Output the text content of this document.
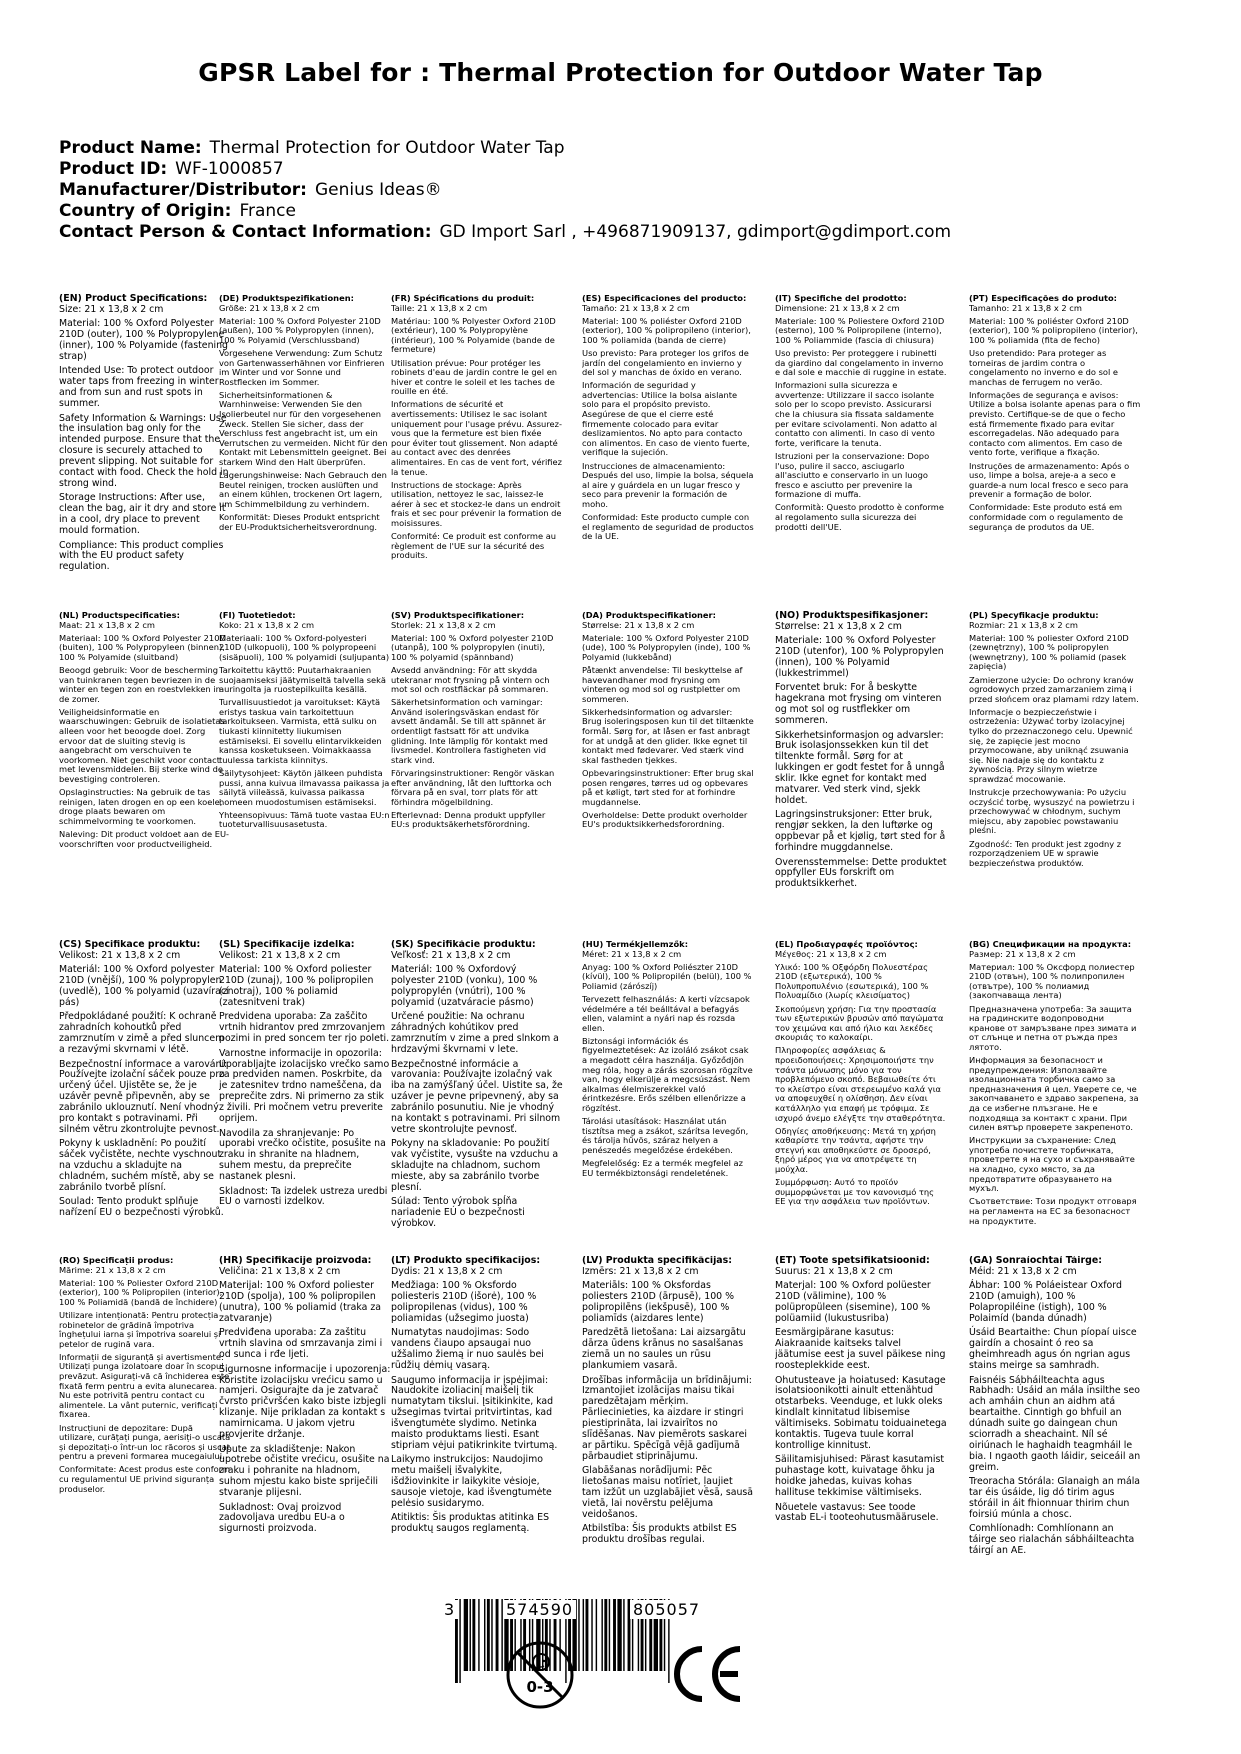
GPSR Label for : Thermal Protection for Outdoor Water Tap
Product Name: Thermal Protection for Outdoor Water Tap
Product ID: WF-1000857
Manufacturer/Distributor: Genius Ideas®
Country of Origin: France
Contact Person & Contact Information: GD Import Sarl , +496871909137, gdimport@gdimport.com
(EN) Product Specifications:

Size: 21 x 13,8 x 2 cm

Material: 100 % Oxford Polyester 210D (outer), 100 % Polypropylene (inner), 100 % Polyamide (fastening strap)

Intended Use: To protect outdoor water taps from freezing in winter and from sun and rust spots in summer.

Safety Information & Warnings: Use the insulation bag only for the intended purpose. Ensure that the closure is securely attached to prevent slipping. Not suitable for contact with food. Check the hold in strong wind.

Storage Instructions: After use, clean the bag, air it dry and store it in a cool, dry place to prevent mould formation.

Compliance: This product complies with the EU product safety regulation.

(DE) Produktspezifikationen:

Größe: 21 x 13,8 x 2 cm

Material: 100 % Oxford Polyester 210D (außen), 100 % Polypropylen (innen), 100 % Polyamid (Verschlussband)

Vorgesehene Verwendung: Zum Schutz von Gartenwasserhähnen vor Einfrieren im Winter und vor Sonne und Rostflecken im Sommer.

Sicherheitsinformationen & Warnhinweise: Verwenden Sie den Isolierbeutel nur für den vorgesehenen Zweck. Stellen Sie sicher, dass der Verschluss fest angebracht ist, um ein Verrutschen zu vermeiden. Nicht für den Kontakt mit Lebensmitteln geeignet. Bei starkem Wind den Halt überprüfen.

Lagerungshinweise: Nach Gebrauch den Beutel reinigen, trocken auslüften und an einem kühlen, trockenen Ort lagern, um Schimmelbildung zu verhindern.

Konformität: Dieses Produkt entspricht der EU-Produktsicherheitsverordnung.

(FR) Spécifications du produit:

Taille: 21 x 13,8 x 2 cm

Matériau: 100 % Polyester Oxford 210D (extérieur), 100 % Polypropylène (intérieur), 100 % Polyamide (bande de fermeture)

Utilisation prévue: Pour protéger les robinets d'eau de jardin contre le gel en hiver et contre le soleil et les taches de rouille en été.

Informations de sécurité et avertissements: Utilisez le sac isolant uniquement pour l'usage prévu. Assurez-vous que la fermeture est bien fixée pour éviter tout glissement. Non adapté au contact avec des denrées alimentaires. En cas de vent fort, vérifiez la tenue.

Instructions de stockage: Après utilisation, nettoyez le sac, laissez-le aérer à sec et stockez-le dans un endroit frais et sec pour prévenir la formation de moisissures.

Conformité: Ce produit est conforme au règlement de l'UE sur la sécurité des produits.

(ES) Especificaciones del producto:

Tamaño: 21 x 13,8 x 2 cm

Material: 100 % poliéster Oxford 210D (exterior), 100 % polipropileno (interior), 100 % poliamida (banda de cierre)

Uso previsto: Para proteger los grifos de jardín del congelamiento en invierno y del sol y manchas de óxido en verano.

Información de seguridad y advertencias: Utilice la bolsa aislante solo para el propósito previsto. Asegúrese de que el cierre esté firmemente colocado para evitar deslizamientos. No apto para contacto con alimentos. En caso de viento fuerte, verifique la sujeción.

Instrucciones de almacenamiento: Después del uso, limpie la bolsa, séquela al aire y guárdela en un lugar fresco y seco para prevenir la formación de moho.

Conformidad: Este producto cumple con el reglamento de seguridad de productos de la UE.

(IT) Specifiche del prodotto:

Dimensione: 21 x 13,8 x 2 cm

Materiale: 100 % Poliestere Oxford 210D (esterno), 100 % Polipropilene (interno), 100 % Poliammide (fascia di chiusura)

Uso previsto: Per proteggere i rubinetti da giardino dal congelamento in inverno e dal sole e macchie di ruggine in estate.

Informazioni sulla sicurezza e avvertenze: Utilizzare il sacco isolante solo per lo scopo previsto. Assicurarsi che la chiusura sia fissata saldamente per evitare scivolamenti. Non adatto al contatto con alimenti. In caso di vento forte, verificare la tenuta.

Istruzioni per la conservazione: Dopo l'uso, pulire il sacco, asciugarlo all'asciutto e conservarlo in un luogo fresco e asciutto per prevenire la formazione di muffa.

Conformità: Questo prodotto è conforme al regolamento sulla sicurezza dei prodotti dell'UE.

(PT) Especificações do produto:

Tamanho: 21 x 13,8 x 2 cm

Material: 100 % poliéster Oxford 210D (exterior), 100 % polipropileno (interior), 100 % poliamida (fita de fecho)

Uso pretendido: Para proteger as torneiras de jardim contra o congelamento no inverno e do sol e manchas de ferrugem no verão.

Informações de segurança e avisos: Utilize a bolsa isolante apenas para o fim previsto. Certifique-se de que o fecho está firmemente fixado para evitar escorregadelas. Não adequado para contacto com alimentos. Em caso de vento forte, verifique a fixação.

Instruções de armazenamento: Após o uso, limpe a bolsa, areje-a a seco e guarde-a num local fresco e seco para prevenir a formação de bolor.

Conformidade: Este produto está em conformidade com o regulamento de segurança de produtos da UE.

(NL) Productspecificaties:

Maat: 21 x 13,8 x 2 cm

Materiaal: 100 % Oxford Polyester 210D (buiten), 100 % Polypropyleen (binnen), 100 % Polyamide (sluitband)

Beoogd gebruik: Voor de bescherming van tuinkranen tegen bevriezen in de winter en tegen zon en roestvlekken in de zomer.

Veiligheidsinformatie en waarschuwingen: Gebruik de isolatietas alleen voor het beoogde doel. Zorg ervoor dat de sluiting stevig is aangebracht om verschuiven te voorkomen. Niet geschikt voor contact met levensmiddelen. Bij sterke wind de bevestiging controleren.

Opslaginstructies: Na gebruik de tas reinigen, laten drogen en op een koele, droge plaats bewaren om schimmelvorming te voorkomen.

Naleving: Dit product voldoet aan de EU-voorschriften voor productveiligheid.

(FI) Tuotetiedot:

Koko: 21 x 13,8 x 2 cm

Materiaali: 100 % Oxford-polyesteri 210D (ulkopuoli), 100 % polypropeeni (sisäpuoli), 100 % polyamidi (suljupanta)

Tarkoitettu käyttö: Puutarhakraanien suojaamiseksi jäätymiseltä talvella sekä auringolta ja ruostepilkuilta kesällä.

Turvallisuustiedot ja varoitukset: Käytä eristys taskua vain tarkoitettuun tarkoitukseen. Varmista, että sulku on tiukasti kiinnitetty liukumisen estämiseksi. Ei sovellu elintarvikkeiden kanssa kosketukseen. Voimakkaassa tuulessa tarkista kiinnitys.

Säilytysohjeet: Käytön jälkeen puhdista pussi, anna kuivua ilmavassa paikassa ja säilytä viileässä, kuivassa paikassa homeen muodostumisen estämiseksi.

Yhteensopivuus: Tämä tuote vastaa EU:n tuoteturvallisuusasetusta.

(SV) Produktspecifikationer:

Storlek: 21 x 13,8 x 2 cm

Material: 100 % Oxford polyester 210D (utanpå), 100 % polypropylen (inuti), 100 % polyamid (spännband)

Avsedd användning: För att skydda utekranar mot frysning på vintern och mot sol och rostfläckar på sommaren.

Säkerhetsinformation och varningar: Använd isoleringsväskan endast för avsett ändamål. Se till att spännet är ordentligt fastsatt för att undvika glidning. Inte lämplig för kontakt med livsmedel. Kontrollera fastigheten vid stark vind.

Förvaringsinstruktioner: Rengör väskan efter användning, låt den lufttorka och förvara på en sval, torr plats för att förhindra mögelbildning.

Efterlevnad: Denna produkt uppfyller EU:s produktsäkerhetsförordning.

(DA) Produktspecifikationer:

Størrelse: 21 x 13,8 x 2 cm

Materiale: 100 % Oxford Polyester 210D (ude), 100 % Polypropylen (inde), 100 % Polyamid (lukkebånd)

Påtænkt anvendelse: Til beskyttelse af havevandhaner mod frysning om vinteren og mod sol og rustpletter om sommeren.

Sikkerhedsinformation og advarsler: Brug isoleringsposen kun til det tiltænkte formål. Sørg for, at låsen er fast anbragt for at undgå at den glider. Ikke egnet til kontakt med fødevarer. Ved stærk vind skal fastheden tjekkes.

Opbevaringsinstruktioner: Efter brug skal posen rengøres, tørres ud og opbevares på et køligt, tørt sted for at forhindre mugdannelse.

Overholdelse: Dette produkt overholder EU's produktsikkerhedsforordning.

(NO) Produktspesifikasjoner:

Størrelse: 21 x 13,8 x 2 cm

Materiale: 100 % Oxford Polyester 210D (utenfor), 100 % Polypropylen (innen), 100 % Polyamid (lukkestrimmel)

Forventet bruk: For å beskytte hagekrana mot frysing om vinteren og mot sol og rustflekker om sommeren.

Sikkerhetsinformasjon og advarsler: Bruk isolasjonssekken kun til det tiltenkte formål. Sørg for at lukkingen er godt festet for å unngå sklir. Ikke egnet for kontakt med matvarer. Ved sterk vind, sjekk holdet.

Lagringsinstruksjoner: Etter bruk, rengjør sekken, la den luftørke og oppbevar på et kjølig, tørt sted for å forhindre muggdannelse.

Overensstemmelse: Dette produktet oppfyller EUs forskrift om produktsikkerhet.

(PL) Specyfikacje produktu:

Rozmiar: 21 x 13,8 x 2 cm

Materiał: 100 % poliester Oxford 210D (zewnętrzny), 100 % polipropylen (wewnętrzny), 100 % poliamid (pasek zapięcia)

Zamierzone użycie: Do ochrony kranów ogrodowych przed zamarzaniem zimą i przed słońcem oraz plamami rdzy latem.

Informacje o bezpieczeństwie i ostrzeżenia: Używać torby izolacyjnej tylko do przeznaczonego celu. Upewnić się, że zapięcie jest mocno przymocowane, aby uniknąć zsuwania się. Nie nadaje się do kontaktu z żywnością. Przy silnym wietrze sprawdzać mocowanie.

Instrukcje przechowywania: Po użyciu oczyścić torbę, wysuszyć na powietrzu i przechowywać w chłodnym, suchym miejscu, aby zapobiec powstawaniu pleśni.

Zgodność: Ten produkt jest zgodny z rozporządzeniem UE w sprawie bezpieczeństwa produktów.

(CS) Specifikace produktu:

Velikost: 21 x 13,8 x 2 cm

Materiál: 100 % Oxford polyester 210D (vnější), 100 % polypropylen (uvedlě), 100 % polyamid (uzavírací pás)

Předpokládané použití: K ochraně zahradních kohoutků před zamrznutím v zimě a před sluncem a rezavými skvrnami v létě.

Bezpečnostní informace a varování: Používejte izolační sáček pouze pro určený účel. Ujistěte se, že je uzávěr pevně připevněn, aby se zabránilo uklouznutí. Není vhodný pro kontakt s potravinami. Při silném větru zkontrolujte pevnost.

Pokyny k uskladnění: Po použití sáček vyčistěte, nechte vyschnout na vzduchu a skladujte na chladném, suchém místě, aby se zabránilo tvorbě plísní.

Soulad: Tento produkt splňuje nařízení EU o bezpečnosti výrobků.

(SL) Specifikacije izdelka:

Velikost: 21 x 13,8 x 2 cm

Material: 100 % Oxford poliester 210D (zunaj), 100 % polipropilen (znotraj), 100 % poliamid (zatesnitveni trak)

Predvidena uporaba: Za zaščito vrtnih hidrantov pred zmrzovanjem pozimi in pred soncem ter rjo poleti.

Varnostne informacije in opozorila: Uporabljajte izolacijsko vrečko samo za predviden namen. Poskrbite, da je zatesnitev trdno nameščena, da preprečite zdrs. Ni primerno za stik z živili. Pri močnem vetru preverite oprijem.

Navodila za shranjevanje: Po uporabi vrečko očistite, posušite na zraku in shranite na hladnem, suhem mestu, da preprečite nastanek plesni.

Skladnost: Ta izdelek ustreza uredbi EU o varnosti izdelkov.

(SK) Špecifikácie produktu:

Veľkosť: 21 x 13,8 x 2 cm

Materiál: 100 % Oxfordový polyester 210D (vonku), 100 % polypropylén (vnútri), 100 % polyamid (uzatváracie pásmo)

Určené použitie: Na ochranu záhradných kohútikov pred zamrznutím v zime a pred slnkom a hrdzavými škvrnami v lete.

Bezpečnostné informácie a varovania: Používajte izolačný vak iba na zamýšľaný účel. Uistite sa, že uzáver je pevne pripevnený, aby sa zabránilo posunutiu. Nie je vhodný na kontakt s potravinami. Pri silnom vetre skontrolujte pevnosť.

Pokyny na skladovanie: Po použití vak vyčistite, vysušte na vzduchu a skladujte na chladnom, suchom mieste, aby sa zabránilo tvorbe plesní.

Súlad: Tento výrobok spĺňa nariadenie EÚ o bezpečnosti výrobkov.

(HU) Termékjellemzők:

Méret: 21 x 13,8 x 2 cm

Anyag: 100 % Oxford Poliészter 210D (kívül), 100 % Polipropilén (belül), 100 % Poliamid (zárószíj)

Tervezett felhasználás: A kerti vízcsapok védelmére a tél beálltával a befagyás ellen, valamint a nyári nap és rozsda ellen.

Biztonsági információk és figyelmeztetések: Az izoláló zsákot csak a megadott célra használja. Győződjön meg róla, hogy a zárás szorosan rögzítve van, hogy elkerülje a megcsúszást. Nem alkalmas élelmiszerekkel való érintkezésre. Erős szélben ellenőrizze a rögzítést.

Tárolási utasítások: Használat után tisztítsa meg a zsákot, szárítsa levegőn, és tárolja hűvös, száraz helyen a penészedés megelőzése érdekében.

Megfelelőség: Ez a termék megfelel az EU termékbiztonsági rendeletének.

(EL) Προδιαγραφές προϊόντος:

Μέγεθος: 21 x 13,8 x 2 cm

Υλικό: 100 % Οξφόρδη Πολυεστέρας 210D (εξωτερικά), 100 % Πολυπροπυλένιο (εσωτερικά), 100 % Πολυαμίδιο (λωρίς κλεισίματος)

Σκοπούμενη χρήση: Για την προστασία των εξωτερικών βρυσών από παγώματα τον χειμώνα και από ήλιο και λεκέδες σκουριάς το καλοκαίρι.

Πληροφορίες ασφάλειας & προειδοποιήσεις: Χρησιμοποιήστε την τσάντα μόνωσης μόνο για τον προβλεπόμενο σκοπό. Βεβαιωθείτε ότι το κλείστρο είναι στερεωμένο καλά για να αποφευχθεί η ολίσθηση. Δεν είναι κατάλληλο για επαφή με τρόφιμα. Σε ισχυρό άνεμο ελέγξτε την σταθερότητα.

Οδηγίες αποθήκευσης: Μετά τη χρήση καθαρίστε την τσάντα, αφήστε την στεγνή και αποθηκεύστε σε δροσερό, ξηρό μέρος για να αποτρέψετε τη μούχλα.

Συμμόρφωση: Αυτό το προϊόν συμμορφώνεται με τον κανονισμό της ΕΕ για την ασφάλεια των προϊόντων.

(BG) Спецификации на продукта:

Размер: 21 x 13,8 x 2 cm

Материал: 100 % Оксфорд полиестер 210D (отвън), 100 % полипропилен (отвътре), 100 % полиамид (закопчаваща лента)

Предназначена употреба: За защита на градинските водопроводни кранове от замръзване през зимата и от слънце и петна от ръжда през лятото.

Информация за безопасност и предупреждения: Използвайте изолационната торбичка само за предназначения й цел. Уверете се, че закопчаването е здраво закрепена, за да се избегне плъзгане. Не е подходяща за контакт с храни. При силен вятър проверете закрепеното.

Инструкции за съхранение: След употреба почистете торбичката, проветрете я на сухо и съхранявайте на хладно, сухо място, за да предотвратите образуването на мухъл.

Съответствие: Този продукт отговаря на регламента на ЕС за безопасност на продуктите.

(RO) Specificații produs:

Mărime: 21 x 13,8 x 2 cm

Material: 100 % Poliester Oxford 210D (exterior), 100 % Polipropilen (interior), 100 % Poliamidă (bandă de închidere)

Utilizare intenționată: Pentru protecția robinetelor de grădină împotriva înghețului iarna și împotriva soarelui și petelor de rugină vara.

Informații de siguranță și avertismente: Utilizați punga izolatoare doar în scopul prevăzut. Asigurați-vă că închiderea este fixată ferm pentru a evita alunecarea. Nu este potrivită pentru contact cu alimentele. La vânt puternic, verificați fixarea.

Instrucțiuni de depozitare: După utilizare, curățați punga, aerisiți-o uscată și depozitați-o într-un loc răcoros și uscat pentru a preveni formarea mucegaiului.

Conformitate: Acest produs este conform cu regulamentul UE privind siguranța produselor.

(HR) Specifikacije proizvoda:

Veličina: 21 x 13,8 x 2 cm

Materijal: 100 % Oxford poliester 210D (spolja), 100 % polipropilen (unutra), 100 % poliamid (traka za zatvaranje)

Predviđena uporaba: Za zaštitu vrtnih slavina od smrzavanja zimi i od sunca i rđe ljeti.

Sigurnosne informacije i upozorenja: Koristite izolacijsku vrećicu samo u namjeri. Osigurajte da je zatvarač čvrsto pričvršćen kako biste izbjegli klizanje. Nije prikladan za kontakt s namirnicama. U jakom vjetru provjerite držanje.

Upute za skladištenje: Nakon upotrebe očistite vrećicu, osušite na zraku i pohranite na hladnom, suhom mjestu kako biste spriječili stvaranje plijesni.

Sukladnost: Ovaj proizvod zadovoljava uredbu EU-a o sigurnosti proizvoda.

(LT) Produkto specifikacijos:

Dydis: 21 x 13,8 x 2 cm

Medžiaga: 100 % Oksfordo poliesteris 210D (išorė), 100 % polipropilenas (vidus), 100 % poliamidas (užsegimo juosta)

Numatytas naudojimas: Sodo vandens čiaupo apsaugai nuo užšalimo žiemą ir nuo saulės bei rūdžių dėmių vasarą.

Saugumo informacija ir įspėjimai: Naudokite izoliacinį maišelį tik numatytam tikslui. Įsitikinkite, kad užsegimas tvirtai pritvirtintas, kad išvengtumėte slydimo. Netinka maisto produktams liesti. Esant stipriam vėjui patikrinkite tvirtumą.

Laikymo instrukcijos: Naudojimo metu maišelį išvalykite, išdžiovinkite ir laikykite vėsioje, sausoje vietoje, kad išvengtumėte pelėsio susidarymo.

Atitiktis: Šis produktas atitinka ES produktų saugos reglamentą.

(LV) Produkta specifikācijas:

Izmērs: 21 x 13,8 x 2 cm

Materiāls: 100 % Oksfordas poliesters 210D (ārpusē), 100 % polipropilēns (iekšpusē), 100 % poliamīds (aizdares lente)

Paredzētā lietošana: Lai aizsargātu dārza ūdens krānus no sasalšanas ziemā un no saules un rūsu plankumiem vasarā.

Drošības informācija un brīdinājumi: Izmantojiet izolācijas maisu tikai paredzētajam mērķim. Pārliecinieties, ka aizdare ir stingri piestiprināta, lai izvairītos no slīdēšanas. Nav piemērots saskarei ar pārtiku. Spēcīgā vējā gadījumā pārbaudiet stiprinājumu.

Glabāšanas norādījumi: Pēc lietošanas maisu notīriet, ļaujiet tam izžūt un uzglabājiet vēsā, sausā vietā, lai novērstu pelējuma veidošanos.

Atbilstība: Šis produkts atbilst ES produktu drošības regulai.

(ET) Toote spetsifikatsioonid:

Suurus: 21 x 13,8 x 2 cm

Materjal: 100 % Oxford polüester 210D (välimine), 100 % polüpropüleen (sisemine), 100 % polüamiid (lukustusriba)

Eesmärgipärane kasutus: Aiakraanide kaitseks talvel jäätumise eest ja suvel päikese ning roosteplekkide eest.

Ohutusteave ja hoiatused: Kasutage isolatsioonikotti ainult ettenähtud otstarbeks. Veenduge, et lukk oleks kindlalt kinnitatud libisemise vältimiseks. Sobimatu toiduainetega kontaktis. Tugeva tuule korral kontrollige kinnitust.

Säilitamisjuhised: Pärast kasutamist puhastage kott, kuivatage õhku ja hoidke jahedas, kuivas kohas hallituse tekkimise vältimiseks.

Nõuetele vastavus: See toode vastab EL-i tooteohutusmäärusele.

(GA) Sonraíochtaí Táirge:

Méid: 21 x 13,8 x 2 cm

Ábhar: 100 % Poláeistear Oxford 210D (amuigh), 100 % Polapropiléine (istigh), 100 % Polaimíd (banda dúnadh)

Úsáid Beartaithe: Chun píopaí uisce gairdín a chosaint ó reo sa gheimhreadh agus ón ngrian agus stains meirge sa samhradh.

Faisnéis Sábháilteachta agus Rabhadh: Úsáid an mála insilthe seo ach amháin chun an aidhm atá beartaithe. Cinntigh go bhfuil an dúnadh suite go daingean chun sciorradh a sheachaint. Níl sé oiriúnach le haghaidh teagmháil le bia. I ngaoth gaoth láidir, seiceáil an greim.

Treoracha Stórála: Glanaigh an mála tar éis úsáide, lig dó tirim agus stóráil in áit fhionnuar thirim chun foirsiú múnla a chosc.

Comhlíonadh: Comhlíonann an táirge seo rialachán sábháilteachta táirgí an AE.

3	574590	805057
0-3
